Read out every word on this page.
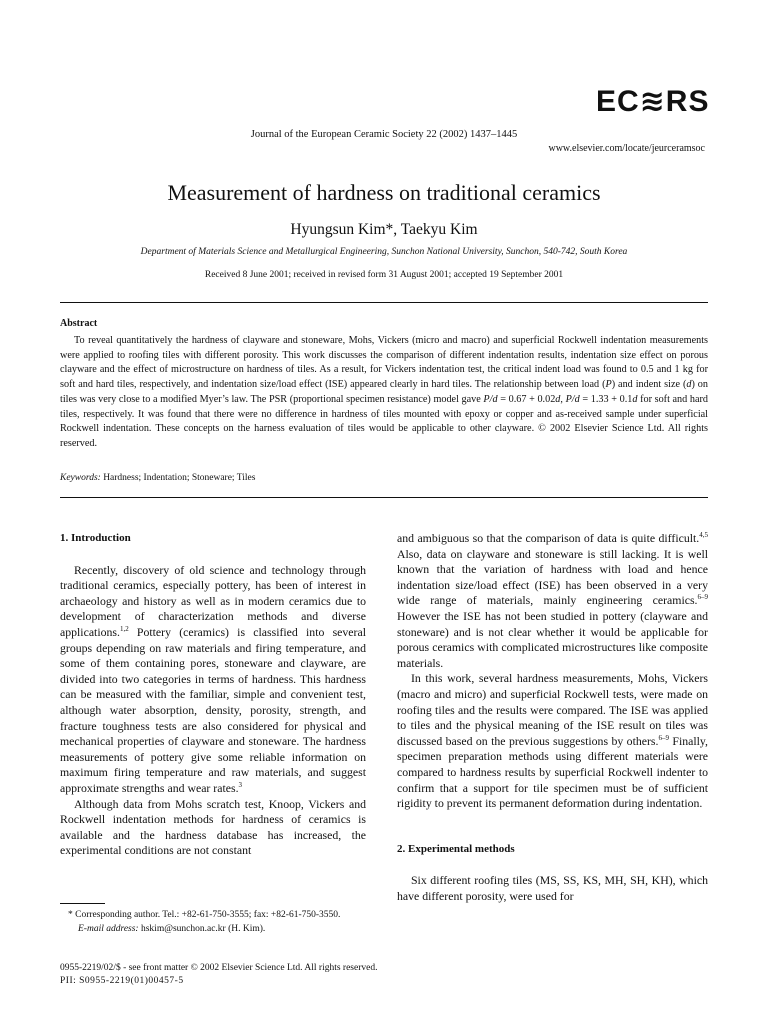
EC≋RS
Journal of the European Ceramic Society 22 (2002) 1437–1445
www.elsevier.com/locate/jeurceramsoc
Measurement of hardness on traditional ceramics
Hyungsun Kim*, Taekyu Kim
Department of Materials Science and Metallurgical Engineering, Sunchon National University, Sunchon, 540-742, South Korea
Received 8 June 2001; received in revised form 31 August 2001; accepted 19 September 2001
Abstract
To reveal quantitatively the hardness of clayware and stoneware, Mohs, Vickers (micro and macro) and superficial Rockwell indentation measurements were applied to roofing tiles with different porosity. This work discusses the comparison of different indentation results, indentation size effect on porous clayware and the effect of microstructure on hardness of tiles. As a result, for Vickers indentation test, the critical indent load was found to 0.5 and 1 kg for soft and hard tiles, respectively, and indentation size/load effect (ISE) appeared clearly in hard tiles. The relationship between load (P) and indent size (d) on tiles was very close to a modified Myer’s law. The PSR (proportional specimen resistance) model gave P/d = 0.67 + 0.02d, P/d = 1.33 + 0.1d for soft and hard tiles, respectively. It was found that there were no difference in hardness of tiles mounted with epoxy or copper and as-received sample under superficial Rockwell indentation. These concepts on the harness evaluation of tiles would be applicable to other clayware. © 2002 Elsevier Science Ltd. All rights reserved.
Keywords: Hardness; Indentation; Stoneware; Tiles
1. Introduction

Recently, discovery of old science and technology through traditional ceramics, especially pottery, has been of interest in archaeology and history as well as in modern ceramics due to development of characterization methods and diverse applications.$^{1,2}$ Pottery (ceramics) is classified into several groups depending on raw materials and firing temperature, and some of them containing pores, stoneware and clayware, are divided into two categories in terms of hardness. This hardness can be measured with the familiar, simple and convenient test, although water absorption, density, porosity, strength, and fracture toughness tests are also considered for physical and mechanical properties of clayware and stoneware. The hardness measurements of pottery give some reliable information on maximum firing temperature and raw materials, and suggest approximate strengths and wear rates.$^3$

Although data from Mohs scratch test, Knoop, Vickers and Rockwell indentation methods for hardness of ceramics is available and the hardness database has increased, the experimental conditions are not constant

and ambiguous so that the comparison of data is quite difficult.$^{4,5}$ Also, data on clayware and stoneware is still lacking. It is well known that the variation of hardness with load and hence indentation size/load effect (ISE) has been observed in a very wide range of materials, mainly engineering ceramics.$^{6-9}$ However the ISE has not been studied in pottery (clayware and stoneware) and is not clear whether it would be applicable for porous ceramics with complicated microstructures like composite materials.

In this work, several hardness measurements, Mohs, Vickers (macro and micro) and superficial Rockwell tests, were made on roofing tiles and the results were compared. The ISE was applied to tiles and the physical meaning of the ISE result on tiles was discussed based on the previous suggestions by others.$^{6-9}$ Finally, specimen preparation methods using different materials were compared to hardness results by superficial Rockwell indenter to confirm that a support for tile specimen must be of sufficient rigidity to prevent its permanent deformation during indentation.

2. Experimental methods

Six different roofing tiles (MS, SS, KS, MH, SH, KH), which have different porosity, were used for

* Corresponding author. Tel.: +82-61-750-3555; fax: +82-61-750-3550.

E-mail address: hskim@sunchon.ac.kr (H. Kim).

0955-2219/02/$ - see front matter © 2002 Elsevier Science Ltd. All rights reserved.
PII: S0955-2219(01)00457-5
